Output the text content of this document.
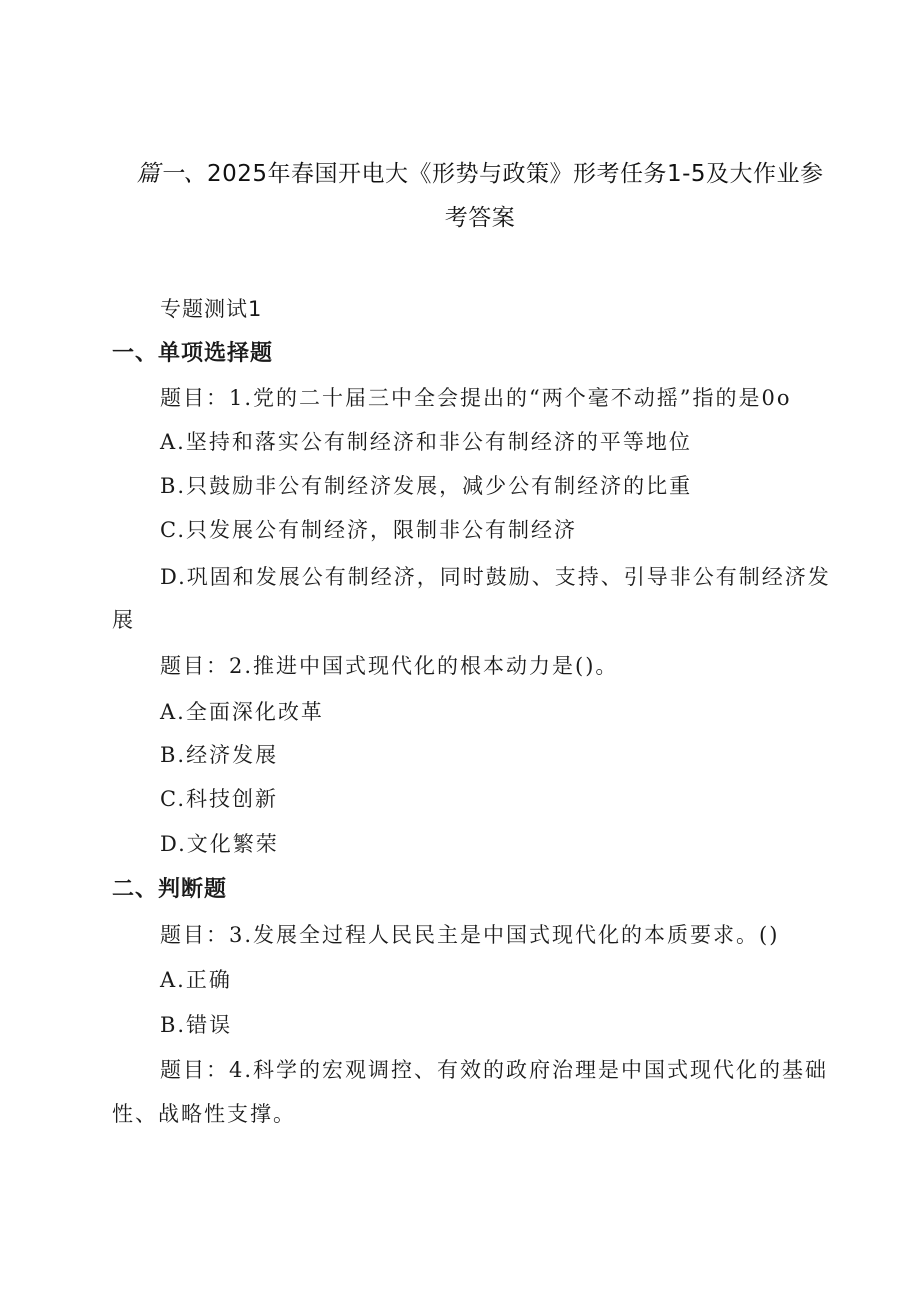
篇一、2025年春国开电大《形势与政策》形考任务1-5及大作业参
考答案
专题测试1
一、单项选择题
题目：1.党的二十届三中全会提出的“两个毫不动摇”指的是0o
A.坚持和落实公有制经济和非公有制经济的平等地位
B.只鼓励非公有制经济发展，减少公有制经济的比重
C.只发展公有制经济，限制非公有制经济
D.巩固和发展公有制经济，同时鼓励、支持、引导非公有制经济发
展
题目：2.推进中国式现代化的根本动力是()。
A.全面深化改革
B.经济发展
C.科技创新
D.文化繁荣
二、判断题
题目：3.发展全过程人民民主是中国式现代化的本质要求。()
A.正确
B.错误
题目：4.科学的宏观调控、有效的政府治理是中国式现代化的基础
性、战略性支撑。
